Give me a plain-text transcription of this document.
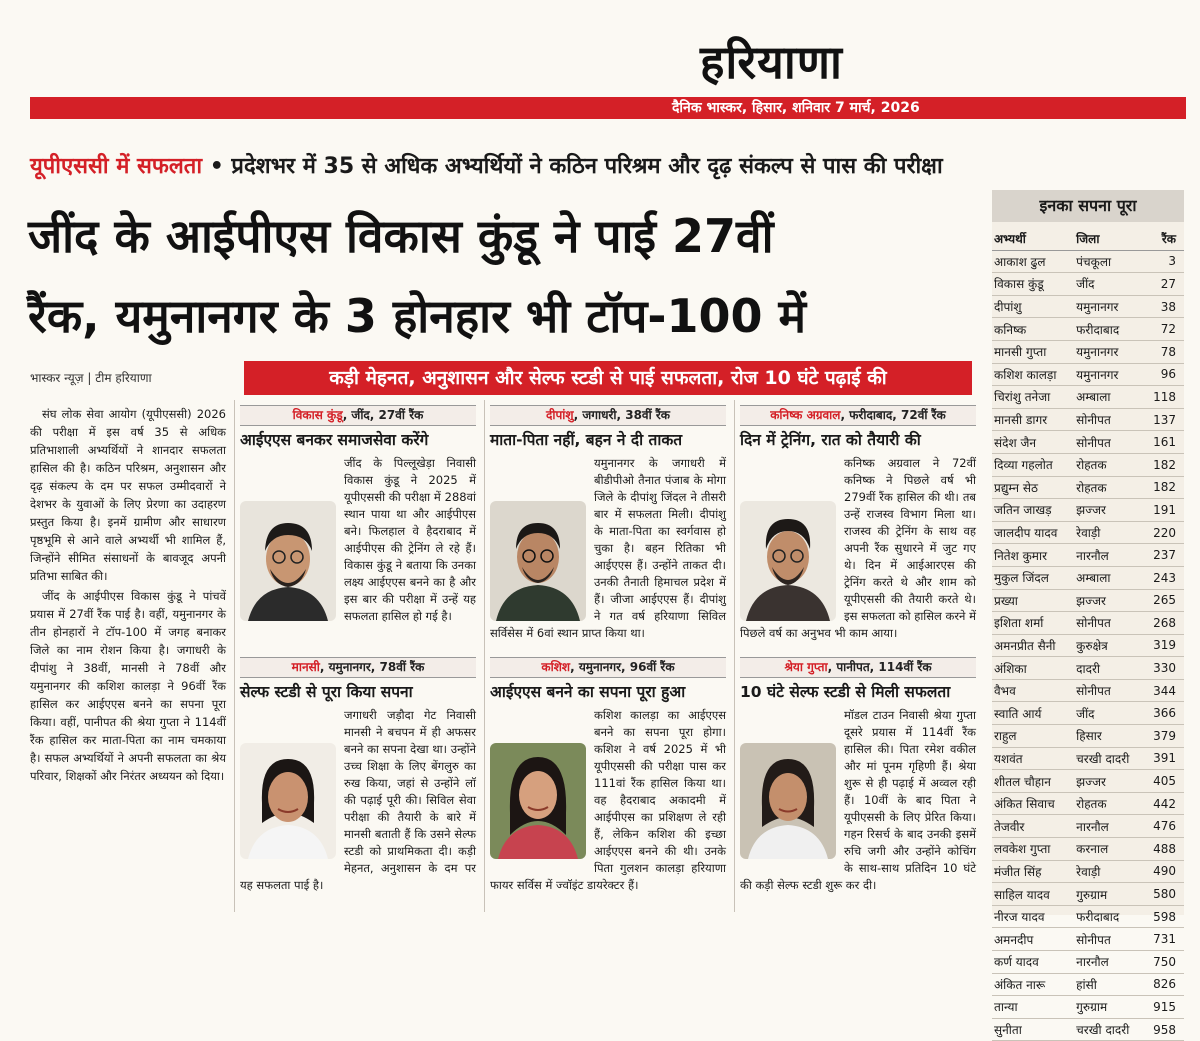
हरियाणा
दैनिक भास्कर, हिसार, शनिवार 7 मार्च, 2026
यूपीएससी में सफलता • प्रदेशभर में 35 से अधिक अभ्यर्थियों ने कठिन परिश्रम और दृढ़ संकल्प से पास की परीक्षा
जींद के आईपीएस विकास कुंडू ने पाई 27वीं
रैंक, यमुनानगर के 3 होनहार भी टॉप-100 में
भास्कर न्यूज़ | टीम हरियाणा	कड़ी मेहनत, अनुशासन और सेल्फ स्टडी से पाई सफलता, रोज 10 घंटे पढ़ाई की

संघ लोक सेवा आयोग (यूपीएससी) 2026 की परीक्षा में इस वर्ष 35 से अधिक प्रतिभाशाली अभ्यर्थियों ने शानदार सफलता हासिल की है। कठिन परिश्रम, अनुशासन और दृढ़ संकल्प के दम पर सफल उम्मीदवारों ने देशभर के युवाओं के लिए प्रेरणा का उदाहरण प्रस्तुत किया है। इनमें ग्रामीण और साधारण पृष्ठभूमि से आने वाले अभ्यर्थी भी शामिल हैं, जिन्होंने सीमित संसाधनों के बावजूद अपनी प्रतिभा साबित की।

जींद के आईपीएस विकास कुंडू ने पांचवें प्रयास में 27वीं रैंक पाई है। वहीं, यमुनानगर के तीन होनहारों ने टॉप-100 में जगह बनाकर जिले का नाम रोशन किया है। जगाधरी के दीपांशु ने 38वीं, मानसी ने 78वीं और यमुनानगर की कशिश कालड़ा ने 96वीं रैंक हासिल कर आईएएस बनने का सपना पूरा किया। वहीं, पानीपत की श्रेया गुप्ता ने 114वीं रैंक हासिल कर माता-पिता का नाम चमकाया है। सफल अभ्यर्थियों ने अपनी सफलता का श्रेय परिवार, शिक्षकों और निरंतर अध्ययन को दिया।

विकास कुंडू, जींद, 27वीं रैंक
आईएएस बनकर समाजसेवा करेंगे
जींद के पिल्लूखेड़ा निवासी विकास कुंडू ने 2025 में यूपीएससी की परीक्षा में 288वां स्थान पाया था और आईपीएस बने। फिलहाल वे हैदराबाद में आईपीएस की ट्रेनिंग ले रहे हैं। विकास कुंडू ने बताया कि उनका लक्ष्य आईएएस बनने का है और इस बार की परीक्षा में उन्हें यह सफलता हासिल हो गई है।
दीपांशु, जगाधरी, 38वीं रैंक
माता-पिता नहीं, बहन ने दी ताकत
यमुनानगर के जगाधरी में बीडीपीओ तैनात पंजाब के मोगा जिले के दीपांशु जिंदल ने तीसरी बार में सफलता मिली। दीपांशु के माता-पिता का स्वर्गवास हो चुका है। बहन रितिका भी आईएएस हैं। उन्होंने ताकत दी। उनकी तैनाती हिमाचल प्रदेश में हैं। जीजा आईएएस हैं। दीपांशु ने गत वर्ष हरियाणा सिविल सर्विसेस में 6वां स्थान प्राप्त किया था।
कनिष्क अग्रवाल, फरीदाबाद, 72वीं रैंक
दिन में ट्रेनिंग, रात को तैयारी की
कनिष्क अग्रवाल ने 72वीं कनिष्क ने पिछले वर्ष भी 279वीं रैंक हासिल की थी। तब उन्हें राजस्व विभाग मिला था। राजस्व की ट्रेनिंग के साथ वह अपनी रैंक सुधारने में जुट गए थे। दिन में आईआरएस की ट्रेनिंग करते थे और शाम को यूपीएससी की तैयारी करते थे। इस सफलता को हासिल करने में पिछले वर्ष का अनुभव भी काम आया।
मानसी, यमुनानगर, 78वीं रैंक
सेल्फ स्टडी से पूरा किया सपना
जगाधरी जड़ौदा गेट निवासी मानसी ने बचपन में ही अफसर बनने का सपना देखा था। उन्होंने उच्च शिक्षा के लिए बेंगलुरु का रुख किया, जहां से उन्होंने लॉ की पढ़ाई पूरी की। सिविल सेवा परीक्षा की तैयारी के बारे में मानसी बताती हैं कि उसने सेल्फ स्टडी को प्राथमिकता दी। कड़ी मेहनत, अनुशासन के दम पर यह सफलता पाई है।
कशिश, यमुनानगर, 96वीं रैंक
आईएएस बनने का सपना पूरा हुआ
कशिश कालड़ा का आईएएस बनने का सपना पूरा होगा। कशिश ने वर्ष 2025 में भी यूपीएससी की परीक्षा पास कर 111वां रैंक हासिल किया था। वह हैदराबाद अकादमी में आईपीएस का प्रशिक्षण ले रही हैं, लेकिन कशिश की इच्छा आईएएस बनने की थी। उनके पिता गुलशन कालड़ा हरियाणा फायर सर्विस में ज्वॉइंट डायरेक्टर हैं।
श्रेया गुप्ता, पानीपत, 114वीं रैंक
10 घंटे सेल्फ स्टडी से मिली सफलता
मॉडल टाउन निवासी श्रेया गुप्ता दूसरे प्रयास में 114वीं रैंक हासिल की। पिता रमेश वकील और मां पूनम गृहिणी हैं। श्रेया शुरू से ही पढ़ाई में अव्वल रही हैं। 10वीं के बाद पिता ने यूपीएससी के लिए प्रेरित किया। गहन रिसर्च के बाद उनकी इसमें रुचि जगी और उन्होंने कोचिंग के साथ-साथ प्रतिदिन 10 घंटे की कड़ी सेल्फ स्टडी शुरू कर दी।
इनका सपना पूरा
अभ्यर्थी	जिला	रैंक
आकाश ढुल	पंचकूला	3
विकास कुंडू	जींद	27
दीपांशु	यमुनानगर	38
कनिष्क	फरीदाबाद	72
मानसी गुप्ता	यमुनानगर	78
कशिश कालड़ा	यमुनानगर	96
चिरांशु तनेजा	अम्बाला	118
मानसी डागर	सोनीपत	137
संदेश जैन	सोनीपत	161
दिव्या गहलोत	रोहतक	182
प्रद्युम्न सेठ	रोहतक	182
जतिन जाखड़	झज्जर	191
जालदीप यादव	रेवाड़ी	220
नितेश कुमार	नारनौल	237
मुकुल जिंदल	अम्बाला	243
प्रख्या	झज्जर	265
इशिता शर्मा	सोनीपत	268
अमनप्रीत सैनी	कुरुक्षेत्र	319
अंशिका	दादरी	330
वैभव	सोनीपत	344
स्वाति आर्य	जींद	366
राहुल	हिसार	379
यशवंत	चरखी दादरी	391
शीतल चौहान	झज्जर	405
अंकित सिवाच	रोहतक	442
तेजवीर	नारनौल	476
लवकेश गुप्ता	करनाल	488
मंजीत सिंह	रेवाड़ी	490
साहिल यादव	गुरुग्राम	580
नीरज यादव	फरीदाबाद	598
अमनदीप	सोनीपत	731
कर्ण यादव	नारनौल	750
अंकित नारू	हांसी	826
तान्या	गुरुग्राम	915
सुनीता	चरखी दादरी	958
